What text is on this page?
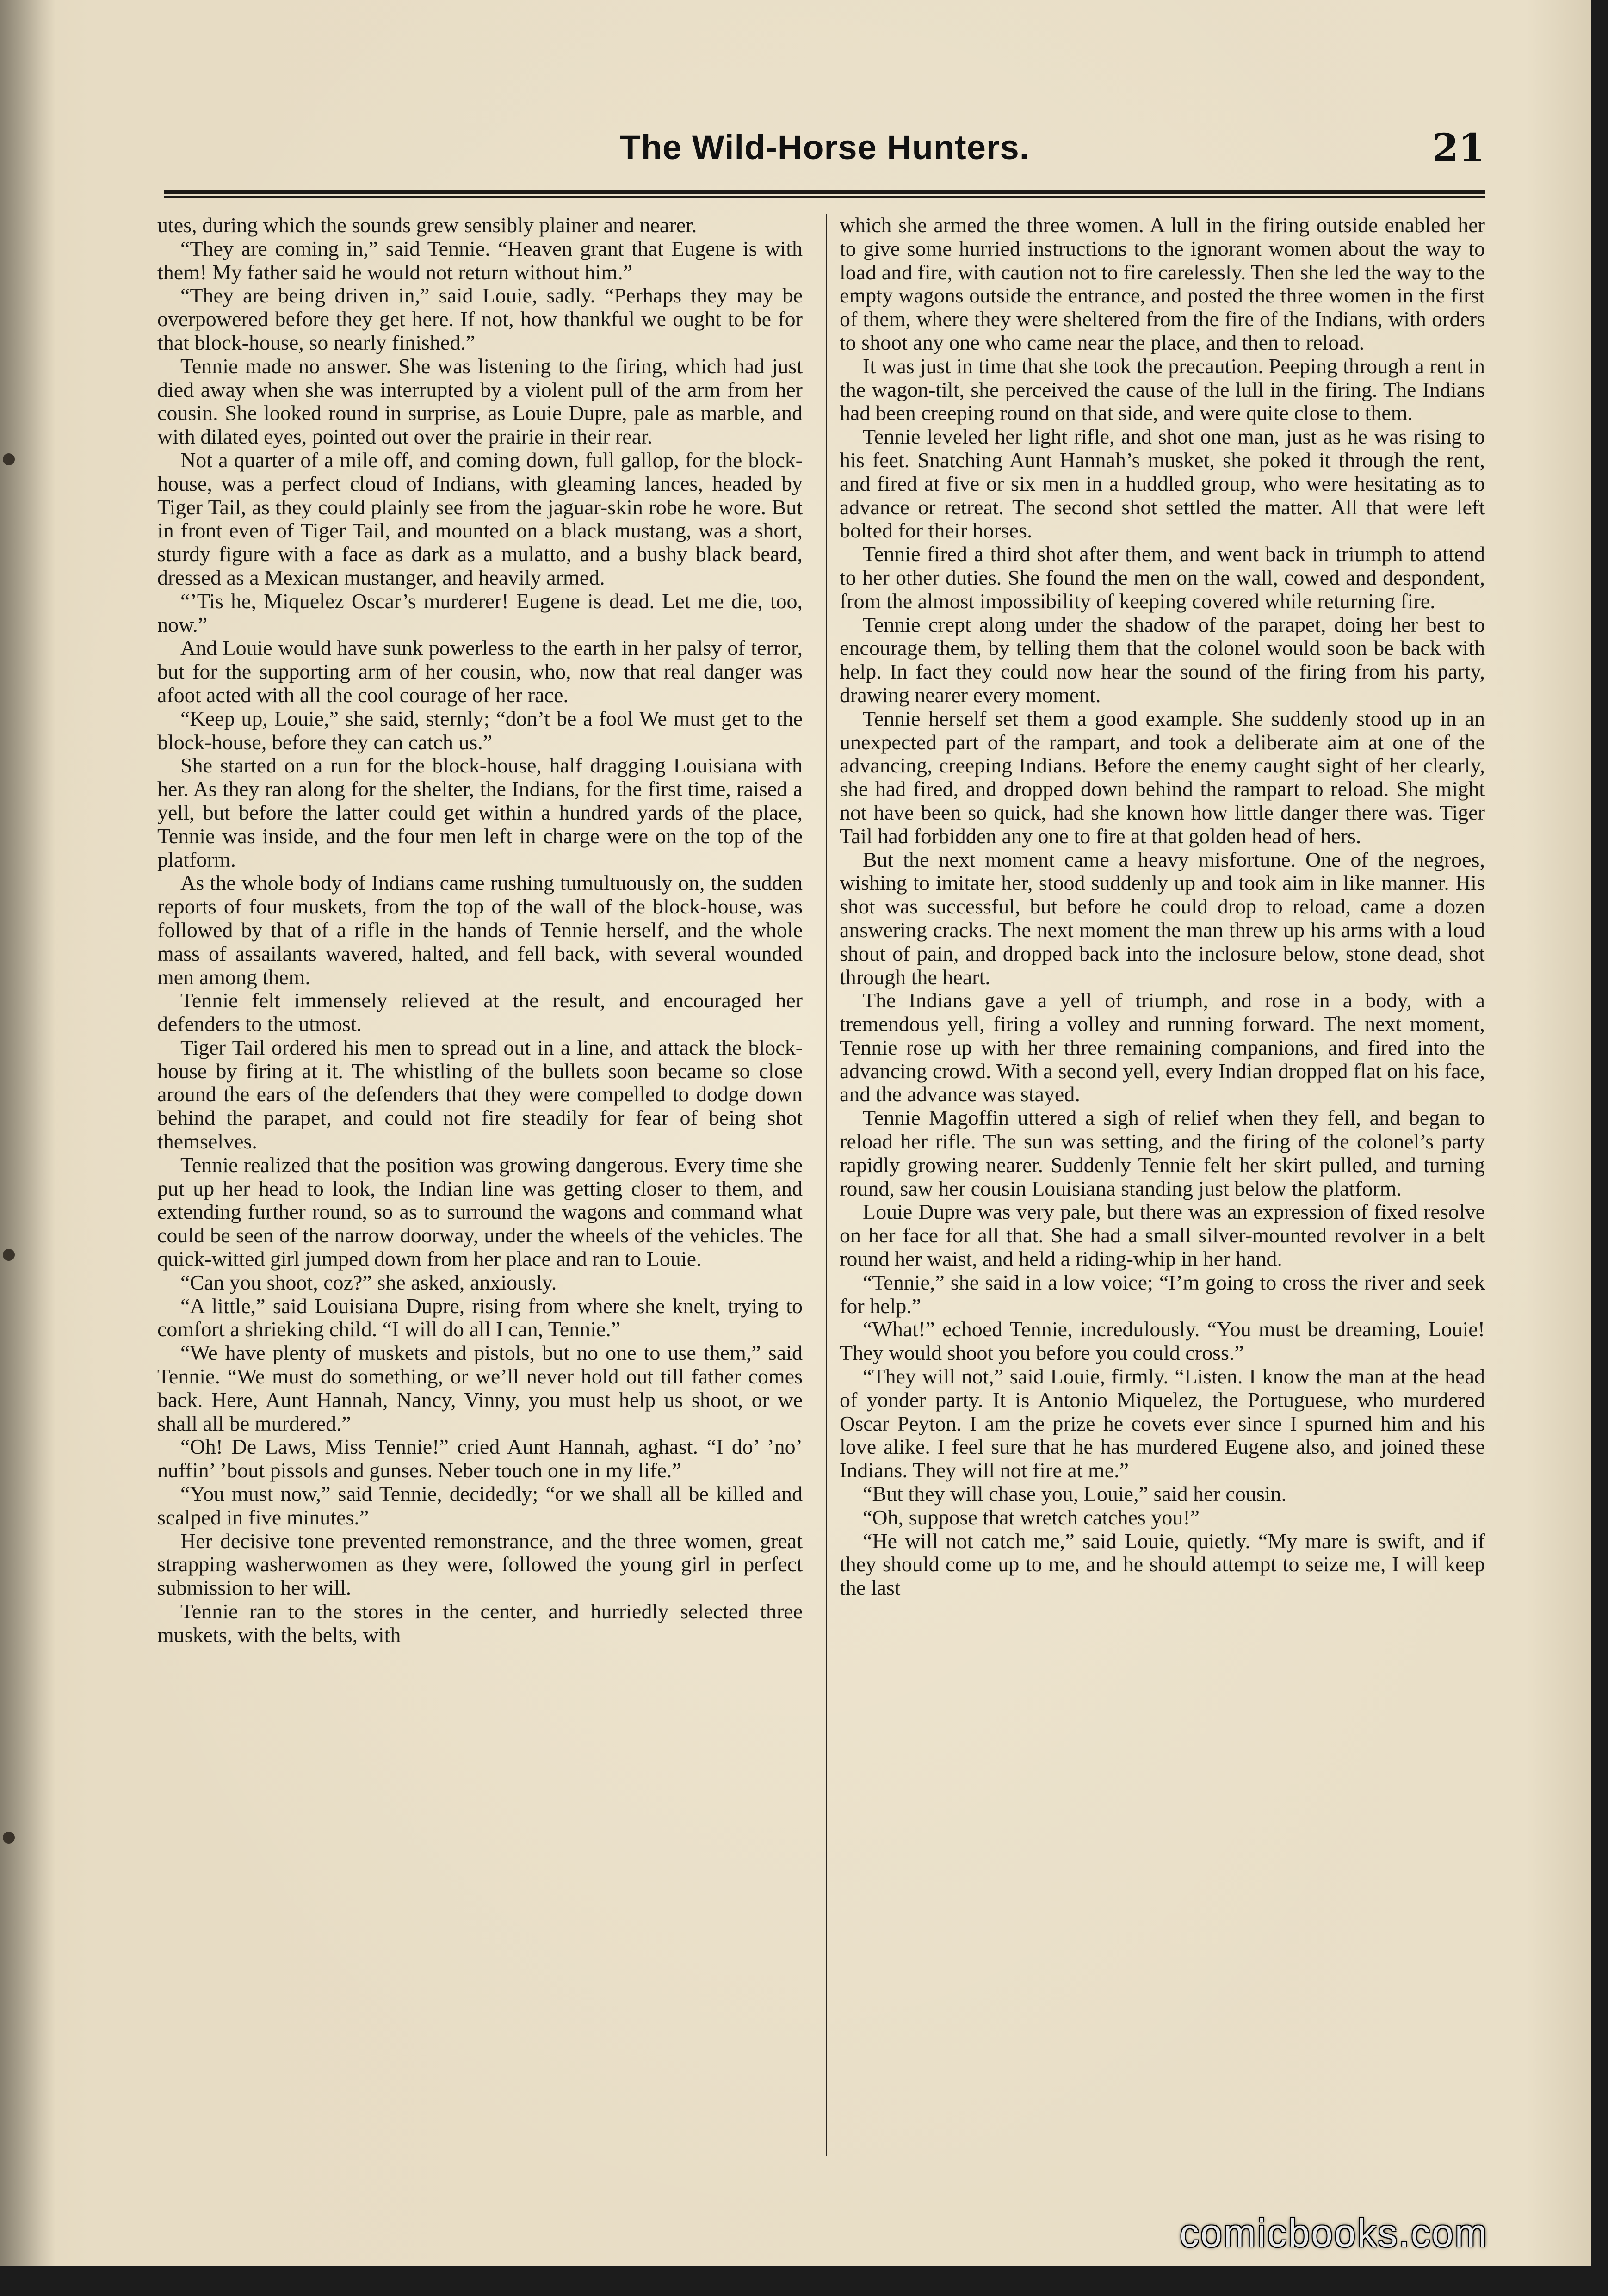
The Wild-Horse Hunters.	21

utes, during which the sounds grew sensibly plainer and nearer.

“They are coming in,” said Tennie. “Heaven grant that Eugene is with them! My father said he would not return without him.”

“They are being driven in,” said Louie, sadly. “Perhaps they may be overpowered before they get here. If not, how thankful we ought to be for that block-house, so nearly finished.”

Tennie made no answer. She was listening to the firing, which had just died away when she was interrupted by a violent pull of the arm from her cousin. She looked round in surprise, as Louie Dupre, pale as marble, and with dilated eyes, pointed out over the prairie in their rear.

Not a quarter of a mile off, and coming down, full gallop, for the block-house, was a perfect cloud of Indians, with gleaming lances, headed by Tiger Tail, as they could plainly see from the jaguar-skin robe he wore. But in front even of Tiger Tail, and mounted on a black mustang, was a short, sturdy figure with a face as dark as a mulatto, and a bushy black beard, dressed as a Mexican mustanger, and heavily armed.

“’Tis he, Miquelez Oscar’s murderer! Eugene is dead. Let me die, too, now.”

And Louie would have sunk powerless to the earth in her palsy of terror, but for the supporting arm of her cousin, who, now that real danger was afoot acted with all the cool courage of her race.

“Keep up, Louie,” she said, sternly; “don’t be a fool We must get to the block-house, before they can catch us.”

She started on a run for the block-house, half dragging Louisiana with her. As they ran along for the shelter, the Indians, for the first time, raised a yell, but before the latter could get within a hundred yards of the place, Tennie was inside, and the four men left in charge were on the top of the platform.

As the whole body of Indians came rushing tumultuously on, the sudden reports of four muskets, from the top of the wall of the block-house, was followed by that of a rifle in the hands of Tennie herself, and the whole mass of assailants wavered, halted, and fell back, with several wounded men among them.

Tennie felt immensely relieved at the result, and encouraged her defenders to the utmost.

Tiger Tail ordered his men to spread out in a line, and attack the block-house by firing at it. The whistling of the bullets soon became so close around the ears of the defenders that they were compelled to dodge down behind the parapet, and could not fire steadily for fear of being shot themselves.

Tennie realized that the position was growing dangerous. Every time she put up her head to look, the Indian line was getting closer to them, and extending further round, so as to surround the wagons and command what could be seen of the narrow doorway, under the wheels of the vehicles. The quick-witted girl jumped down from her place and ran to Louie.

“Can you shoot, coz?” she asked, anxiously.

“A little,” said Louisiana Dupre, rising from where she knelt, trying to comfort a shrieking child. “I will do all I can, Tennie.”

“We have plenty of muskets and pistols, but no one to use them,” said Tennie. “We must do something, or we’ll never hold out till father comes back. Here, Aunt Hannah, Nancy, Vinny, you must help us shoot, or we shall all be murdered.”

“Oh! De Laws, Miss Tennie!” cried Aunt Hannah, aghast. “I do’ ’no’ nuffin’ ’bout pissols and gunses. Neber touch one in my life.”

“You must now,” said Tennie, decidedly; “or we shall all be killed and scalped in five minutes.”

Her decisive tone prevented remonstrance, and the three women, great strapping washerwomen as they were, followed the young girl in perfect submission to her will.

Tennie ran to the stores in the center, and hurriedly selected three muskets, with the belts, with

which she armed the three women. A lull in the firing outside enabled her to give some hurried instructions to the ignorant women about the way to load and fire, with caution not to fire carelessly. Then she led the way to the empty wagons outside the entrance, and posted the three women in the first of them, where they were sheltered from the fire of the Indians, with orders to shoot any one who came near the place, and then to reload.

It was just in time that she took the precaution. Peeping through a rent in the wagon-tilt, she perceived the cause of the lull in the firing. The Indians had been creeping round on that side, and were quite close to them.

Tennie leveled her light rifle, and shot one man, just as he was rising to his feet. Snatching Aunt Hannah’s musket, she poked it through the rent, and fired at five or six men in a huddled group, who were hesitating as to advance or retreat. The second shot settled the matter. All that were left bolted for their horses.

Tennie fired a third shot after them, and went back in triumph to attend to her other duties. She found the men on the wall, cowed and despondent, from the almost impossibility of keeping covered while returning fire.

Tennie crept along under the shadow of the parapet, doing her best to encourage them, by telling them that the colonel would soon be back with help. In fact they could now hear the sound of the firing from his party, drawing nearer every moment.

Tennie herself set them a good example. She suddenly stood up in an unexpected part of the rampart, and took a deliberate aim at one of the advancing, creeping Indians. Before the enemy caught sight of her clearly, she had fired, and dropped down behind the rampart to reload. She might not have been so quick, had she known how little danger there was. Tiger Tail had forbidden any one to fire at that golden head of hers.

But the next moment came a heavy misfortune. One of the negroes, wishing to imitate her, stood suddenly up and took aim in like manner. His shot was successful, but before he could drop to reload, came a dozen answering cracks. The next moment the man threw up his arms with a loud shout of pain, and dropped back into the inclosure below, stone dead, shot through the heart.

The Indians gave a yell of triumph, and rose in a body, with a tremendous yell, firing a volley and running forward. The next moment, Tennie rose up with her three remaining companions, and fired into the advancing crowd. With a second yell, every Indian dropped flat on his face, and the advance was stayed.

Tennie Magoffin uttered a sigh of relief when they fell, and began to reload her rifle. The sun was setting, and the firing of the colonel’s party rapidly growing nearer. Suddenly Tennie felt her skirt pulled, and turning round, saw her cousin Louisiana standing just below the platform.

Louie Dupre was very pale, but there was an expression of fixed resolve on her face for all that. She had a small silver-mounted revolver in a belt round her waist, and held a riding-whip in her hand.

“Tennie,” she said in a low voice; “I’m going to cross the river and seek for help.”

“What!” echoed Tennie, incredulously. “You must be dreaming, Louie! They would shoot you before you could cross.”

“They will not,” said Louie, firmly. “Listen. I know the man at the head of yonder party. It is Antonio Miquelez, the Portuguese, who murdered Oscar Peyton. I am the prize he covets ever since I spurned him and his love alike. I feel sure that he has murdered Eugene also, and joined these Indians. They will not fire at me.”

“But they will chase you, Louie,” said her cousin.

“Oh, suppose that wretch catches you!”

“He will not catch me,” said Louie, quietly. “My mare is swift, and if they should come up to me, and he should attempt to seize me, I will keep the last

comicbooks.com
